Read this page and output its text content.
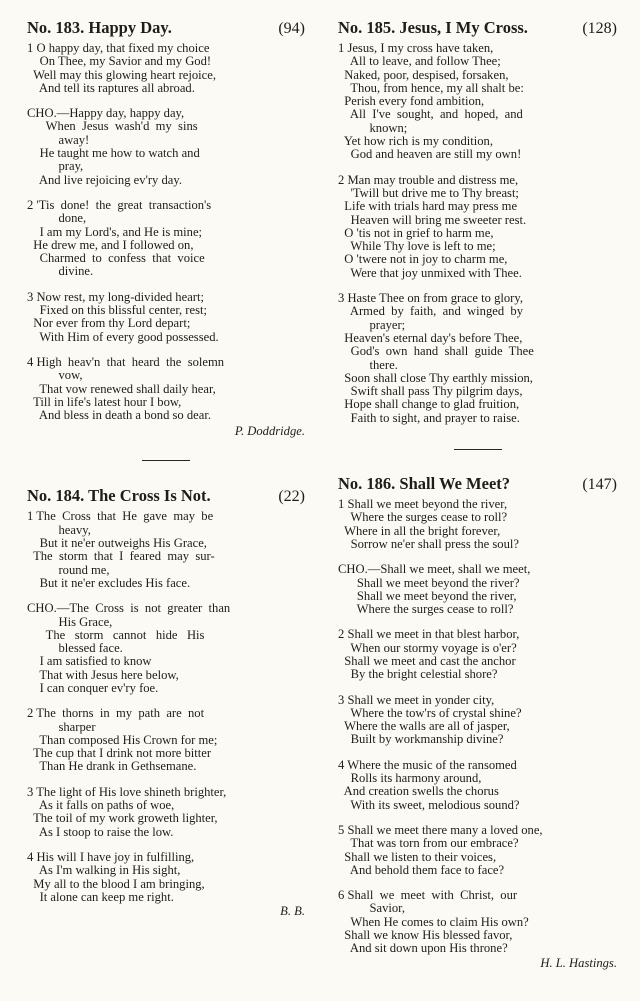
No. 183. Happy Day.	(94)
1 O happy day, that fixed my choice
On Thee, my Savior and my God!
Well may this glowing heart rejoice,
And tell its raptures all abroad.
CHO.—Happy day, happy day,
When  Jesus  wash'd  my  sins
away!
He taught me how to watch and
pray,
And live rejoicing ev'ry day.
2 'Tis  done!  the  great  transaction's
done,
I am my Lord's, and He is mine;
He drew me, and I followed on,
Charmed  to  confess  that  voice
divine.
3 Now rest, my long-divided heart;
Fixed on this blissful center, rest;
Nor ever from thy Lord depart;
With Him of every good possessed.
4 High  heav'n  that  heard  the  solemn
vow,
That vow renewed shall daily hear,
Till in life's latest hour I bow,
And bless in death a bond so dear.
P. Doddridge.
No. 184. The Cross Is Not.	(22)
1 The  Cross  that  He  gave  may  be
heavy,
But it ne'er outweighs His Grace,
The  storm  that  I  feared  may  sur-
round me,
But it ne'er excludes His face.
CHO.—The  Cross  is  not  greater  than
His Grace,
The   storm   cannot   hide   His
blessed face.
I am satisfied to know
That with Jesus here below,
I can conquer ev'ry foe.
2 The  thorns  in  my  path  are  not
sharper
Than composed His Crown for me;
The cup that I drink not more bitter
Than He drank in Gethsemane.
3 The light of His love shineth brighter,
As it falls on paths of woe,
The toil of my work groweth lighter,
As I stoop to raise the low.
4 His will I have joy in fulfilling,
As I'm walking in His sight,
My all to the blood I am bringing,
It alone can keep me right.
B. B.
No. 185. Jesus, I My Cross.	(128)
1 Jesus, I my cross have taken,
All to leave, and follow Thee;
Naked, poor, despised, forsaken,
Thou, from hence, my all shalt be:
Perish every fond ambition,
All  I've  sought,  and  hoped,  and
known;
Yet how rich is my condition,
God and heaven are still my own!
2 Man may trouble and distress me,
'Twill but drive me to Thy breast;
Life with trials hard may press me
Heaven will bring me sweeter rest.
O 'tis not in grief to harm me,
While Thy love is left to me;
O 'twere not in joy to charm me,
Were that joy unmixed with Thee.
3 Haste Thee on from grace to glory,
Armed  by  faith,  and  winged  by
prayer;
Heaven's eternal day's before Thee,
God's  own  hand  shall  guide  Thee
there.
Soon shall close Thy earthly mission,
Swift shall pass Thy pilgrim days,
Hope shall change to glad fruition,
Faith to sight, and prayer to raise.
No. 186. Shall We Meet?	(147)
1 Shall we meet beyond the river,
Where the surges cease to roll?
Where in all the bright forever,
Sorrow ne'er shall press the soul?
CHO.—Shall we meet, shall we meet,
Shall we meet beyond the river?
Shall we meet beyond the river,
Where the surges cease to roll?
2 Shall we meet in that blest harbor,
When our stormy voyage is o'er?
Shall we meet and cast the anchor
By the bright celestial shore?
3 Shall we meet in yonder city,
Where the tow'rs of crystal shine?
Where the walls are all of jasper,
Built by workmanship divine?
4 Where the music of the ransomed
Rolls its harmony around,
And creation swells the chorus
With its sweet, melodious sound?
5 Shall we meet there many a loved one,
That was torn from our embrace?
Shall we listen to their voices,
And behold them face to face?
6 Shall  we  meet  with  Christ,  our
Savior,
When He comes to claim His own?
Shall we know His blessed favor,
And sit down upon His throne?
H. L. Hastings.
